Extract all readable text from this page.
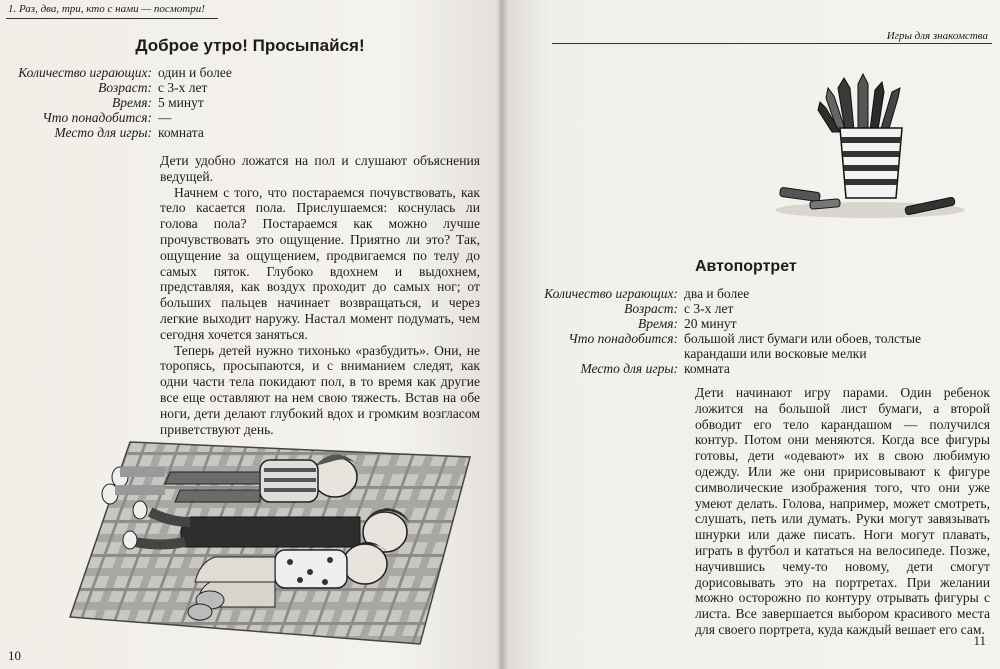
1. Раз, два, три, кто с нами — посмотри!
Доброе утро! Просыпайся!
Количество играющих:	один и более
Возраст:	с 3-х лет
Время:	5 минут
Что понадобится:	—
Место для игры:	комната

Дети удобно ложатся на пол и слушают объяснения ведущей.

Начнем с того, что постараемся почувствовать, как тело касается пола. Прислушаемся: коснулась ли голова пола? Постараемся как можно лучше прочувствовать это ощущение. Приятно ли это? Так, ощущение за ощущением, продвигаемся по телу до самых пяток. Глубоко вдохнем и выдохнем, представляя, как воздух проходит до самых ног; от больших пальцев начинает возвращаться, и через легкие выходит наружу. Настал момент подумать, чем сегодня хочется заняться.

Теперь детей нужно тихонько «разбудить». Они, не торопясь, просыпаются, и с вниманием следят, как одни части тела покидают пол, в то время как другие все еще оставляют на нем свою тяжесть. Встав на обе ноги, дети делают глубокий вдох и громким возгласом приветствуют день.

10
Игры для знакомства
Автопортрет
Количество играющих:	два и более
Возраст:	с 3-х лет
Время:	20 минут
Что понадобится:	большой лист бумаги или обоев, толстые карандаши или восковые мелки
Место для игры:	комната

Дети начинают игру парами. Один ребенок ложится на большой лист бумаги, а второй обводит его тело карандашом — получился контур. Потом они меняются. Когда все фигуры готовы, дети «одевают» их в свою любимую одежду. Или же они пририсовывают к фигуре символические изображения того, что они уже умеют делать. Голова, например, может смотреть, слушать, петь или думать. Руки могут завязывать шнурки или даже писать. Ноги могут плавать, играть в футбол и кататься на велосипеде. Позже, научившись чему-то новому, дети смогут дорисовывать это на портретах. При желании можно осторожно по контуру отрывать фигуры с листа. Все завершается выбором красивого места для своего портрета, куда каждый вешает его сам.

11
